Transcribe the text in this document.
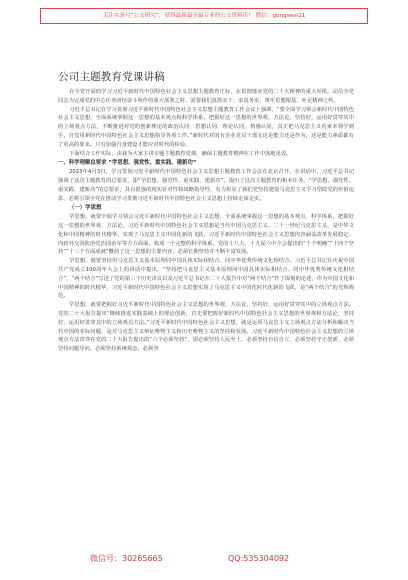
关注头条号“公文研究”，获得最新最全最专业的公文资料库！ 微信：gongwen11
公司主题教育党课讲稿

在全党开展的学习习近平新时代中国特色社会主义思想主题教育正标，在贯彻落实党的二十大精神的重大举措，动员全党同志为完成党的中心任务团结奋斗所作的重大部署之时，需要我们真抓实干、求真务实、筑牢思想根基、补足精神之钙。

习近平总书记在学习贯彻习近平新时代中国特色社会主义思想主题教育工作会议上强调，“要全面学习领会新时代中国特色社会主义思想，全面系统掌握这一思想的基本观点和科学体系，把握好这一思想的世界观、方法论，坚持好、运用好贯穿其中的立场观点方法，不断推进对党的创新理论的政治认同、思想认同、理论认同、情感认同，真正把马克思主义看家本领学到手，自觉用新时代中国特色社会主义思想指导各项工作。”新时代对国有企业党员干部无论是能力还是作为，还是能力素质都有了更高的要求。只有加强自身建设才能应对时代的检验。

下面结合工作实际，由我为大家主讲专题主题教育党课，确保主题教育精神在工作中落地见效。

一、科学理解总要求 “学思想、强党性、重实践、建新功”

2023年4月3日，学习贯彻习近平新时代中国特色社会主义思想主题教育工作会议在北京召开。在讲话中，习近平总书记强调了这次主题教育的总要求，即“学思想、强党性、重实践、建新功”，提出了这次主题教育的根本任务。“学思想、强党性、重实践、建新功”的总要求，具有很强的现实针对性和战略指导性，有力彰显了我们党坚持建设马克思主义学习型政党的价值追求，必将引领全党在推动学习贯彻习近平新时代中国特色社会主义思想上持续走深走实。

（一）学思想

学思想，就要全面学习领会习近平新时代中国特色社会主义思想，全面系统掌握这一思想的基本观点、科学体系，把握好这一思想的世界观、方法论。习近平新时代中国特色社会主义思想是当代中国马克思主义、二十一世纪马克思主义，是中华文化和中国精神的时代精华，实现了马克思主义中国化新的飞跃。习近平新时代中国特色社会主义思想内容涵盖改革发展稳定、内政外交国防治党治国治军等方方面面，构成一个完整的科学体系。党的十八大、十九届六中全会提出的“十个明确”“十四个坚持”“十三个方面成就”概括了这一思想的主要内容，必须长期坚持并不断丰富发展。

学思想，就要坚持用马克思主义基本原理同中国具体实际相结合、同中华优秀传统文化相结合。习近平总书记在庆祝中国共产党成立100周年大会上的讲话中提出，“坚持把马克思主义基本原理同中国具体实际相结合、同中华优秀传统文化相结合”，“两个结合”写进了党的第三个历史决议以及习近平总书记在二十大报告中对“两个结合”作了深刻的论述，作为中国文化和中国精神的时代精华，习近平新时代中国特色社会主义思想实现了马克思主义中国化时代化新的飞跃，是“两个结合”的光辉典范。

学思想，就要把握好习近平新时代中国特色社会主义思想的世界观、方法论，坚持好、运用好贯穿其中的立场观点方法。党的二十大报告提出“继续推进实践基础上的理论创新，首先要把握好新时代中国特色社会主义思想的世界观和方法论，坚持好、运用好贯穿其中的立场观点方法。”习近平新时代中国特色社会主义思想，就是运用马克思主义立场观点方法分析和解决当代中国的实际问题，是对马克思主义辩证唯物主义和历史唯物主义的坚持和发展。习近平新时代中国特色社会主义思想的立场观点方法贯穿在党的二十大报告提出的“六个必须坚持”，即必须坚持人民至上、必须坚持自信自立、必须坚持守正创新、必须坚持问题导向、必须坚持系统观念、必须坚

微信号：30265665	QQ:535304092
